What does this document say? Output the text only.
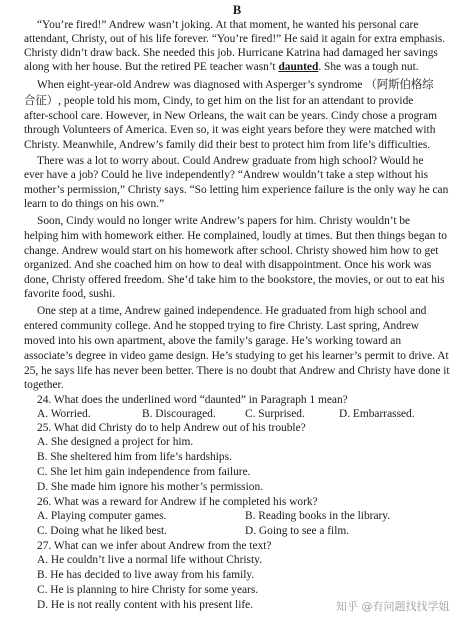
B
“You’re fired!” Andrew wasn’t joking. At that moment, he wanted his personal care
attendant, Christy, out of his life forever. “You’re fired!” He said it again for extra emphasis.
Christy didn’t draw back. She needed this job. Hurricane Katrina had damaged her savings
along with her house. But the retired PE teacher wasn’t daunted. She was a tough nut.
When eight-year-old Andrew was diagnosed with Asperger’s syndrome （阿斯伯格综
合征）, people told his mom, Cindy, to get him on the list for an attendant to provide
after-school care. However, in New Orleans, the wait can be years. Cindy chose a program
through Volunteers of America. Even so, it was eight years before they were matched with
Christy. Meanwhile, Andrew’s family did their best to protect him from life’s difficulties.
There was a lot to worry about. Could Andrew graduate from high school? Would he
ever have a job? Could he live independently? “Andrew wouldn’t take a step without his
mother’s permission,” Christy says. “So letting him experience failure is the only way he can
learn to do things on his own.”
Soon, Cindy would no longer write Andrew’s papers for him. Christy wouldn’t be
helping him with homework either. He complained, loudly at times. But then things began to
change. Andrew would start on his homework after school. Christy showed him how to get
organized. And she coached him on how to deal with disappointment. Once his work was
done, Christy offered freedom. She’d take him to the bookstore, the movies, or out to eat his
favorite food, sushi.
One step at a time, Andrew gained independence. He graduated from high school and
entered community college. And he stopped trying to fire Christy. Last spring, Andrew
moved into his own apartment, above the family’s garage. He’s working toward an
associate’s degree in video game design. He’s studying to get his learner’s permit to drive. At
25, he says life has never been better. There is no doubt that Andrew and Christy have done it
together.
24. What does the underlined word “daunted” in Paragraph 1 mean?
A. Worried.	B. Discouraged.	C. Surprised.	D. Embarrassed.
25. What did Christy do to help Andrew out of his trouble?
A. She designed a project for him.
B. She sheltered him from life’s hardships.
C. She let him gain independence from failure.
D. She made him ignore his mother’s permission.
26. What was a reward for Andrew if he completed his work?
A. Playing computer games.	B. Reading books in the library.
C. Doing what he liked best.	D. Going to see a film.
27. What can we infer about Andrew from the text?
A. He couldn’t live a normal life without Christy.
B. He has decided to live away from his family.
C. He is planning to hire Christy for some years.
D. He is not really content with his present life.	知乎 @有问题找找学姐
